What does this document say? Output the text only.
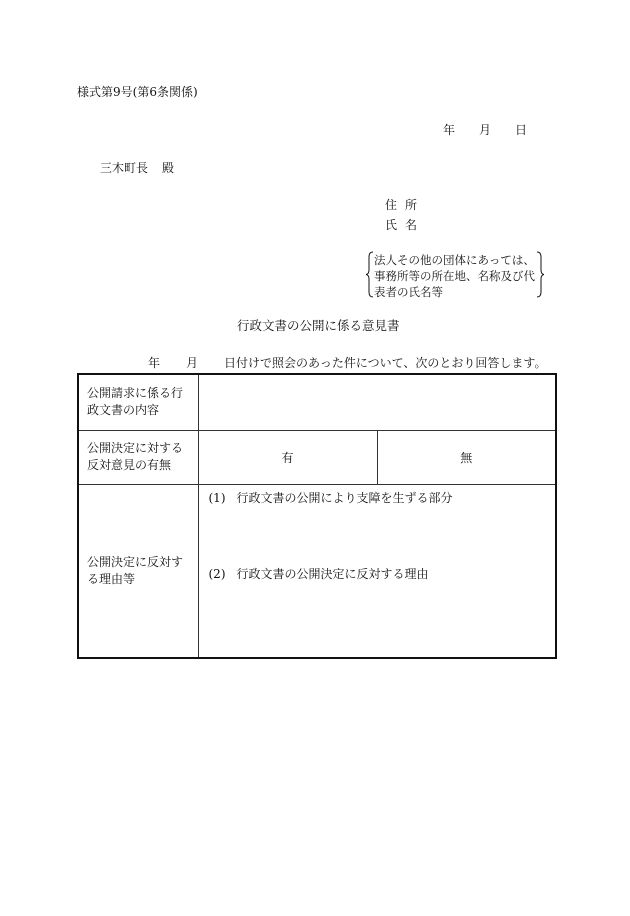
様式第9号(第6条関係)
年 月 日
三木町長 殿
住所
氏名
法人その他の団体にあっては、
事務所等の所在地、名称及び代
表者の氏名等
行政文書の公開に係る意見書
年 月 日付けで照会のあった件について、次のとおり回答します。
公開請求に係る行政文書の内容		
公開決定に対する反対意見の有無	有	無
公開決定に反対する理由等	(1) 行政文書の公開により支障を生ずる部分
(2) 行政文書の公開決定に反対する理由	
